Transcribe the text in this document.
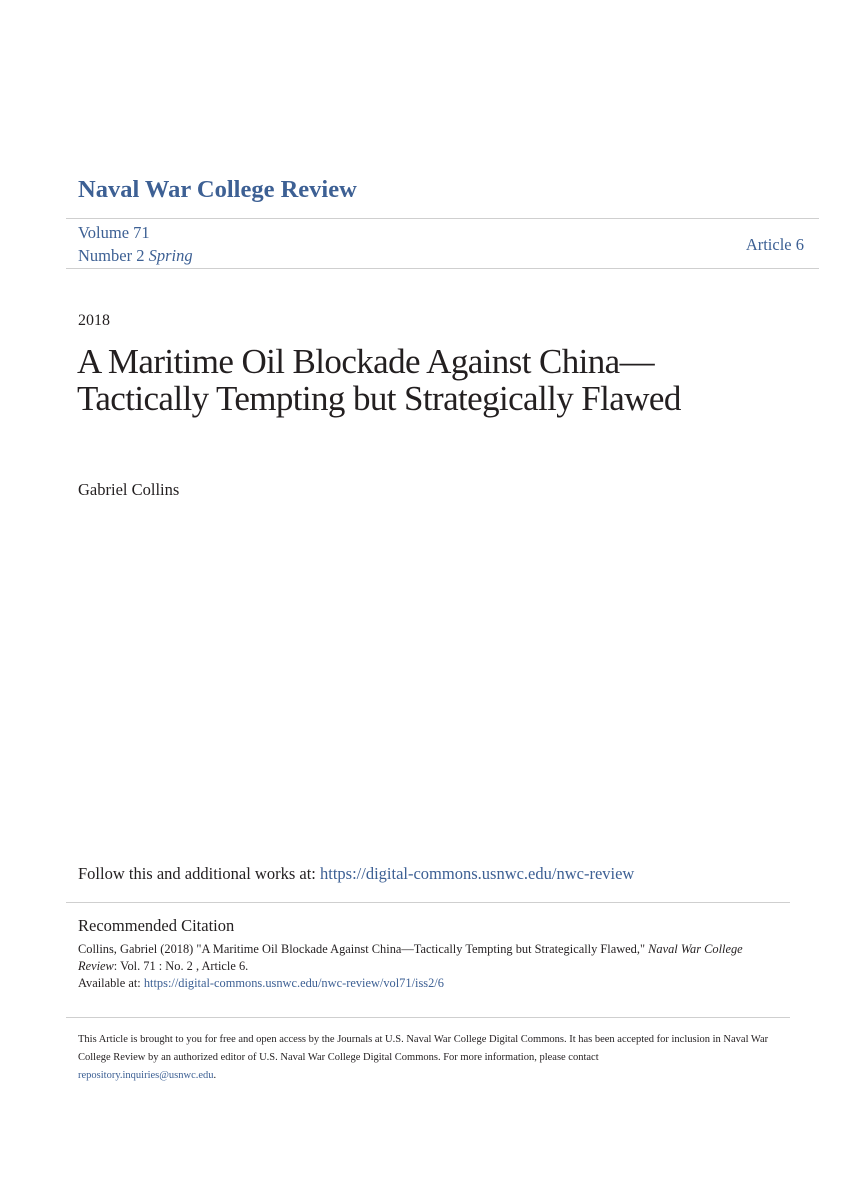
Naval War College Review
Volume 71
Number 2 Spring
Article 6
2018
A Maritime Oil Blockade Against China—Tactically Tempting but Strategically Flawed
Gabriel Collins
Follow this and additional works at: https://digital-commons.usnwc.edu/nwc-review
Recommended Citation
Collins, Gabriel (2018) "A Maritime Oil Blockade Against China—Tactically Tempting but Strategically Flawed," Naval War College Review: Vol. 71 : No. 2 , Article 6.
Available at: https://digital-commons.usnwc.edu/nwc-review/vol71/iss2/6
This Article is brought to you for free and open access by the Journals at U.S. Naval War College Digital Commons. It has been accepted for inclusion in Naval War College Review by an authorized editor of U.S. Naval War College Digital Commons. For more information, please contact
repository.inquiries@usnwc.edu.
